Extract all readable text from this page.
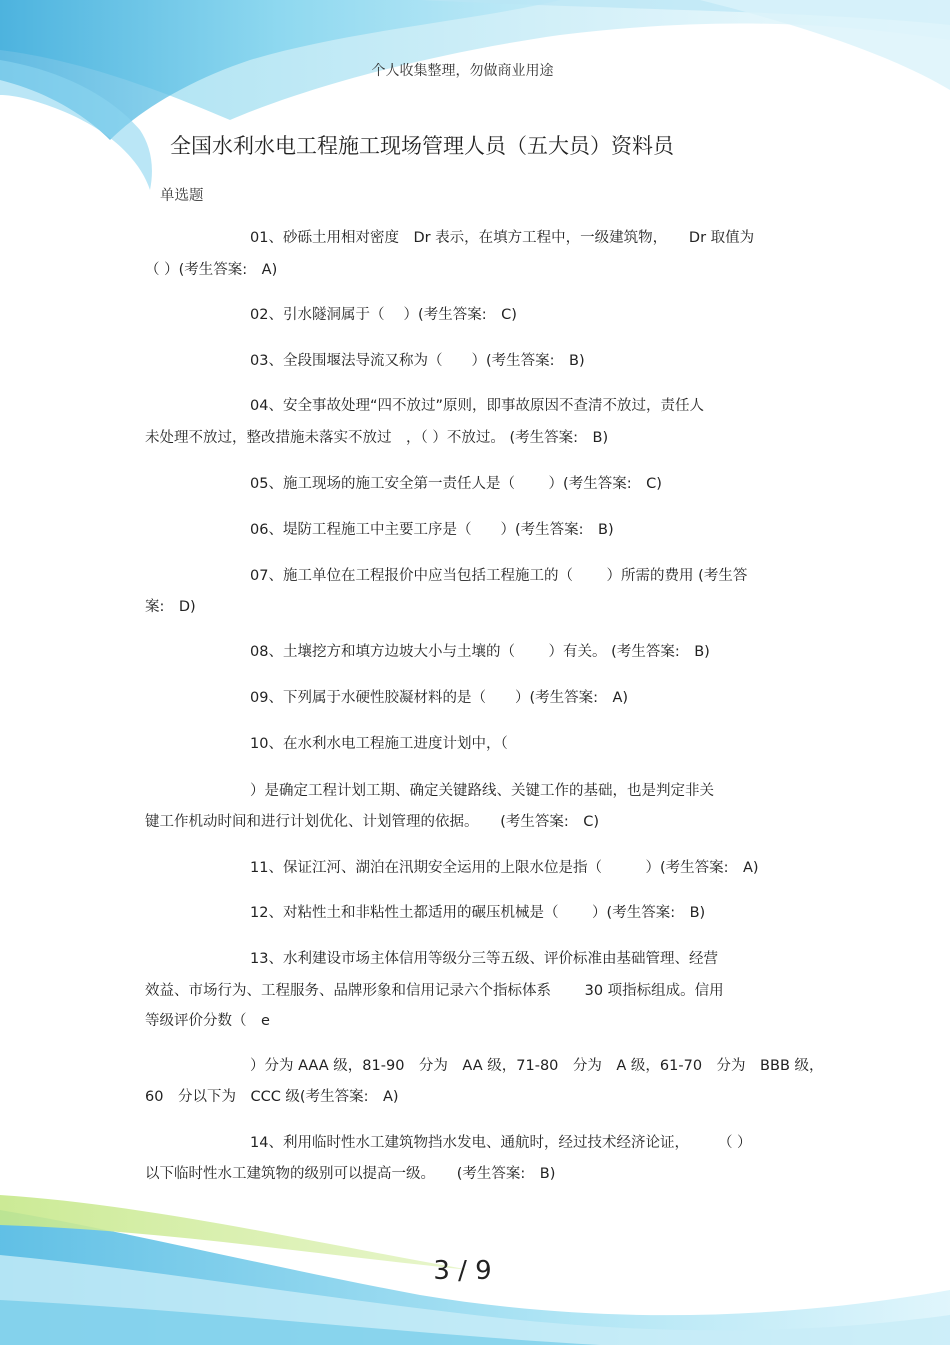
个人收集整理，勿做商业用途
全国水利水电工程施工现场管理人员（五大员）资料员
单选题
01、砂砾土用相对密度　Dr 表示，在填方工程中，一级建筑物，　　Dr 取值为
（ ）(考生答案:　A)
02、引水隧洞属于（　 ）(考生答案:　C)
03、全段围堰法导流又称为（　　）(考生答案:　B)
04、安全事故处理“四不放过”原则，即事故原因不查清不放过，责任人
未处理不放过，整改措施未落实不放过　，（ ）不放过。 (考生答案:　B)
05、施工现场的施工安全第一责任人是（　　 ）(考生答案:　C)
06、堤防工程施工中主要工序是（　　）(考生答案:　B)
07、施工单位在工程报价中应当包括工程施工的（　　 ）所需的费用 (考生答
案:　D)
08、土壤挖方和填方边坡大小与土壤的（　　 ）有关。 (考生答案:　B)
09、下列属于水硬性胶凝材料的是（　　）(考生答案:　A)
10、在水利水电工程施工进度计划中，（
）是确定工程计划工期、确定关键路线、关键工作的基础，也是判定非关
键工作机动时间和进行计划优化、计划管理的依据。　　(考生答案:　C)
11、保证江河、湖泊在汛期安全运用的上限水位是指（　　　）(考生答案:　A)
12、对粘性土和非粘性土都适用的碾压机械是（　　 ）(考生答案:　B)
13、水利建设市场主体信用等级分三等五级、评价标准由基础管理、经营
效益、市场行为、工程服务、品牌形象和信用记录六个指标体系　　 30 项指标组成。信用
等级评价分数（　e
）分为 AAA 级，81-90　分为　AA 级，71-80　分为　A 级，61-70　分为　BBB 级，
60　分以下为　CCC 级(考生答案:　A)
14、利用临时性水工建筑物挡水发电、通航时，经过技术经济论证，　　　（ ）
以下临时性水工建筑物的级别可以提高一级。　　(考生答案:　B)
3 / 9
